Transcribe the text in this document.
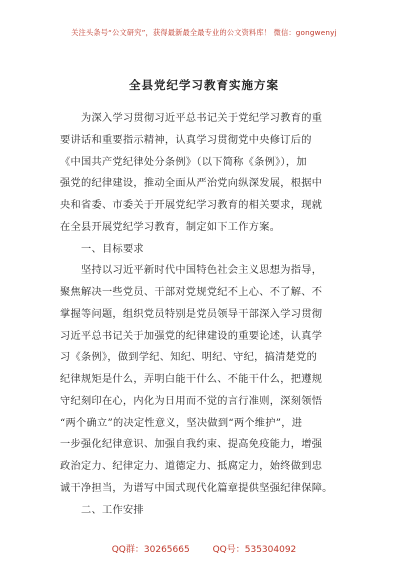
关注头条号“公文研究”，获得最新最全最专业的公文资料库！ 微信：gongwenyj
全县党纪学习教育实施方案
为深入学习贯彻习近平总书记关于党纪学习教育的重
要讲话和重要指示精神，认真学习贯彻党中央修订后的
《中国共产党纪律处分条例》（以下简称《条例》），加
强党的纪律建设，推动全面从严治党向纵深发展，根据中
央和省委、市委关于开展党纪学习教育的相关要求，现就
在全县开展党纪学习教育，制定如下工作方案。
一、目标要求
坚持以习近平新时代中国特色社会主义思想为指导，
聚焦解决一些党员、干部对党规党纪不上心、不了解、不
掌握等问题，组织党员特别是党员领导干部深入学习贯彻
习近平总书记关于加强党的纪律建设的重要论述，认真学
习《条例》，做到学纪、知纪、明纪、守纪，搞清楚党的
纪律规矩是什么，弄明白能干什么、不能干什么，把遵规
守纪刻印在心，内化为日用而不觉的言行准则，深刻领悟
“两个确立”的决定性意义，坚决做到“两个维护”，进
一步强化纪律意识、加强自我约束、提高免疫能力，增强
政治定力、纪律定力、道德定力、抵腐定力，始终做到忠
诚干净担当，为谱写中国式现代化篇章提供坚强纪律保障。
二、工作安排
QQ群：30265665	QQ号：535304092
